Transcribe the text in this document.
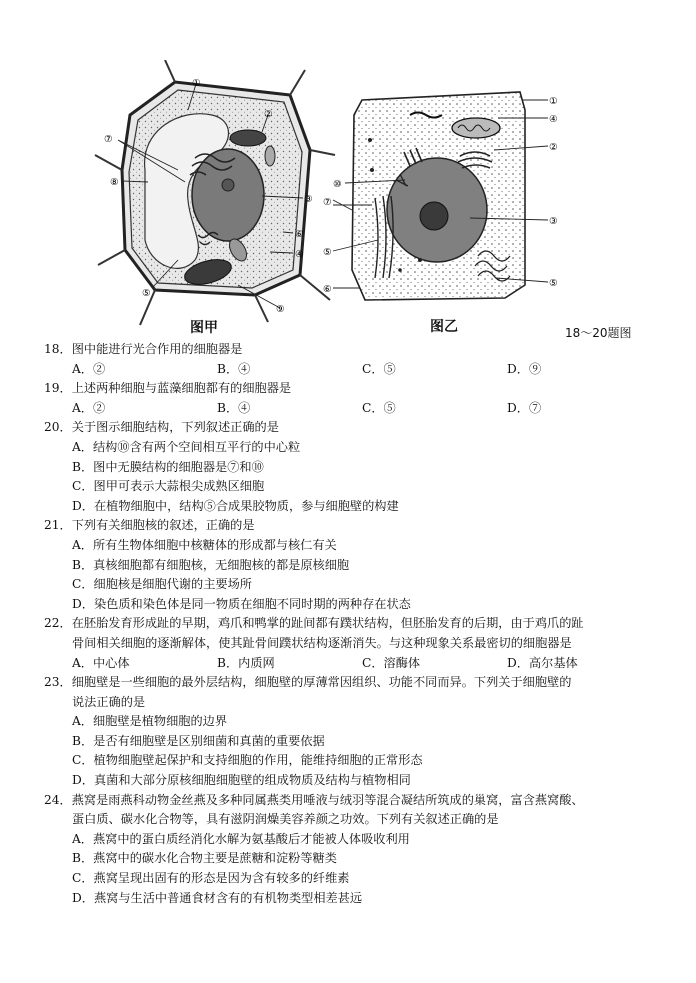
①
②
③
④
⑤
⑥
⑦
⑧
⑨
①
④
②
③
⑤
⑥
⑦
⑤
⑩
图甲	图乙	18～20题图
18．图中能进行光合作用的细胞器是
A．②	B．④	C．⑤	D．⑨
19．上述两种细胞与蓝藻细胞都有的细胞器是
A．②	B．④	C．⑤	D．⑦
20．关于图示细胞结构，下列叙述正确的是
A．结构⑩含有两个空间相互平行的中心粒
B．图中无膜结构的细胞器是⑦和⑩
C．图甲可表示大蒜根尖成熟区细胞
D．在植物细胞中，结构⑤合成果胶物质，参与细胞壁的构建
21．下列有关细胞核的叙述，正确的是
A．所有生物体细胞中核糖体的形成都与核仁有关
B．真核细胞都有细胞核，无细胞核的都是原核细胞
C．细胞核是细胞代谢的主要场所
D．染色质和染色体是同一物质在细胞不同时期的两种存在状态
22．在胚胎发育形成趾的早期，鸡爪和鸭掌的趾间都有蹼状结构，但胚胎发育的后期，由于鸡爪的趾
骨间相关细胞的逐渐解体，使其趾骨间蹼状结构逐渐消失。与这种现象关系最密切的细胞器是
A．中心体	B．内质网	C．溶酶体	D．高尔基体
23．细胞壁是一些细胞的最外层结构，细胞壁的厚薄常因组织、功能不同而异。下列关于细胞壁的
说法正确的是
A．细胞壁是植物细胞的边界
B．是否有细胞壁是区别细菌和真菌的重要依据
C．植物细胞壁起保护和支持细胞的作用，能维持细胞的正常形态
D．真菌和大部分原核细胞细胞壁的组成物质及结构与植物相同
24．燕窝是雨燕科动物金丝燕及多种同属燕类用唾液与绒羽等混合凝结所筑成的巢窝，富含燕窝酸、
蛋白质、碳水化合物等，具有滋阴润燥美容养颜之功效。下列有关叙述正确的是
A．燕窝中的蛋白质经消化水解为氨基酸后才能被人体吸收利用
B．燕窝中的碳水化合物主要是蔗糖和淀粉等糖类
C．燕窝呈现出固有的形态是因为含有较多的纤维素
D．燕窝与生活中普通食材含有的有机物类型相差甚远
